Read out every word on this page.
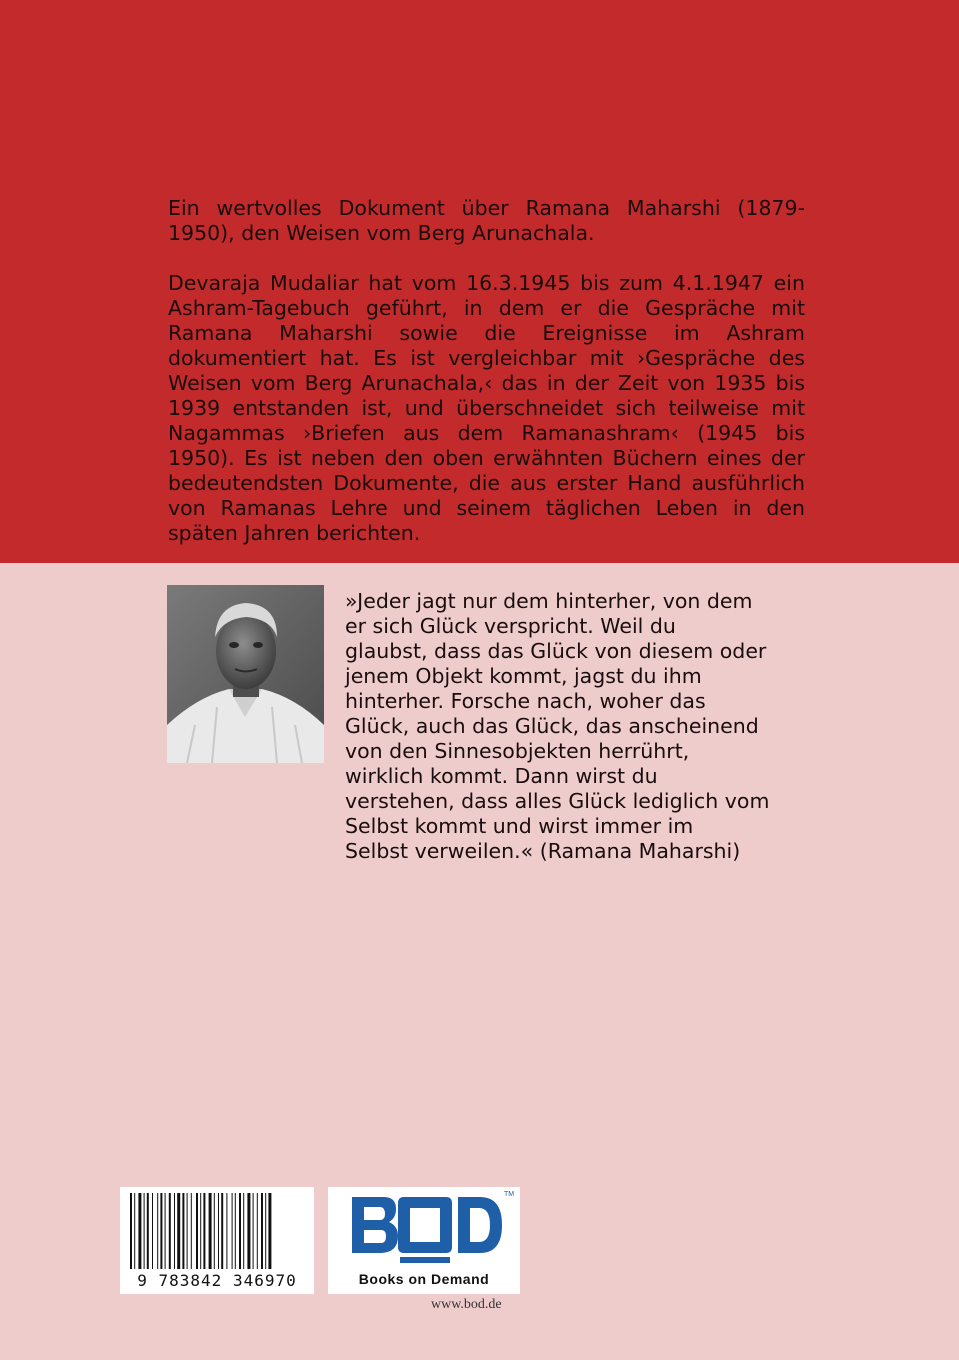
Ein wertvolles Dokument über Ramana Maharshi (1879-1950), den Weisen vom Berg Arunachala.

Devaraja Mudaliar hat vom 16.3.1945 bis zum 4.1.1947 ein Ashram-Tagebuch geführt, in dem er die Gespräche mit Ramana Maharshi sowie die Ereignisse im Ashram dokumentiert hat. Es ist vergleichbar mit ›Gespräche des Weisen vom Berg Arunachala,‹ das in der Zeit von 1935 bis 1939 entstanden ist, und überschneidet sich teilweise mit Nagammas ›Briefen aus dem Ramanashram‹ (1945 bis 1950). Es ist neben den oben erwähnten Büchern eines der bedeutendsten Dokumente, die aus erster Hand ausführlich von Ramanas Lehre und seinem täglichen Leben in den späten Jahren berichten.

»Jeder jagt nur dem hinterher, von dem
er sich Glück verspricht. Weil du
glaubst, dass das Glück von diesem oder
jenem Objekt kommt, jagst du ihm
hinterher. Forsche nach, woher das
Glück, auch das Glück, das anscheinend
von den Sinnesobjekten herrührt,
wirklich kommt. Dann wirst du
verstehen, dass alles Glück lediglich vom
Selbst kommt und wirst immer im
Selbst verweilen.« (Ramana Maharshi)
9 783842 346970
TM
Books on Demand
www.bod.de
